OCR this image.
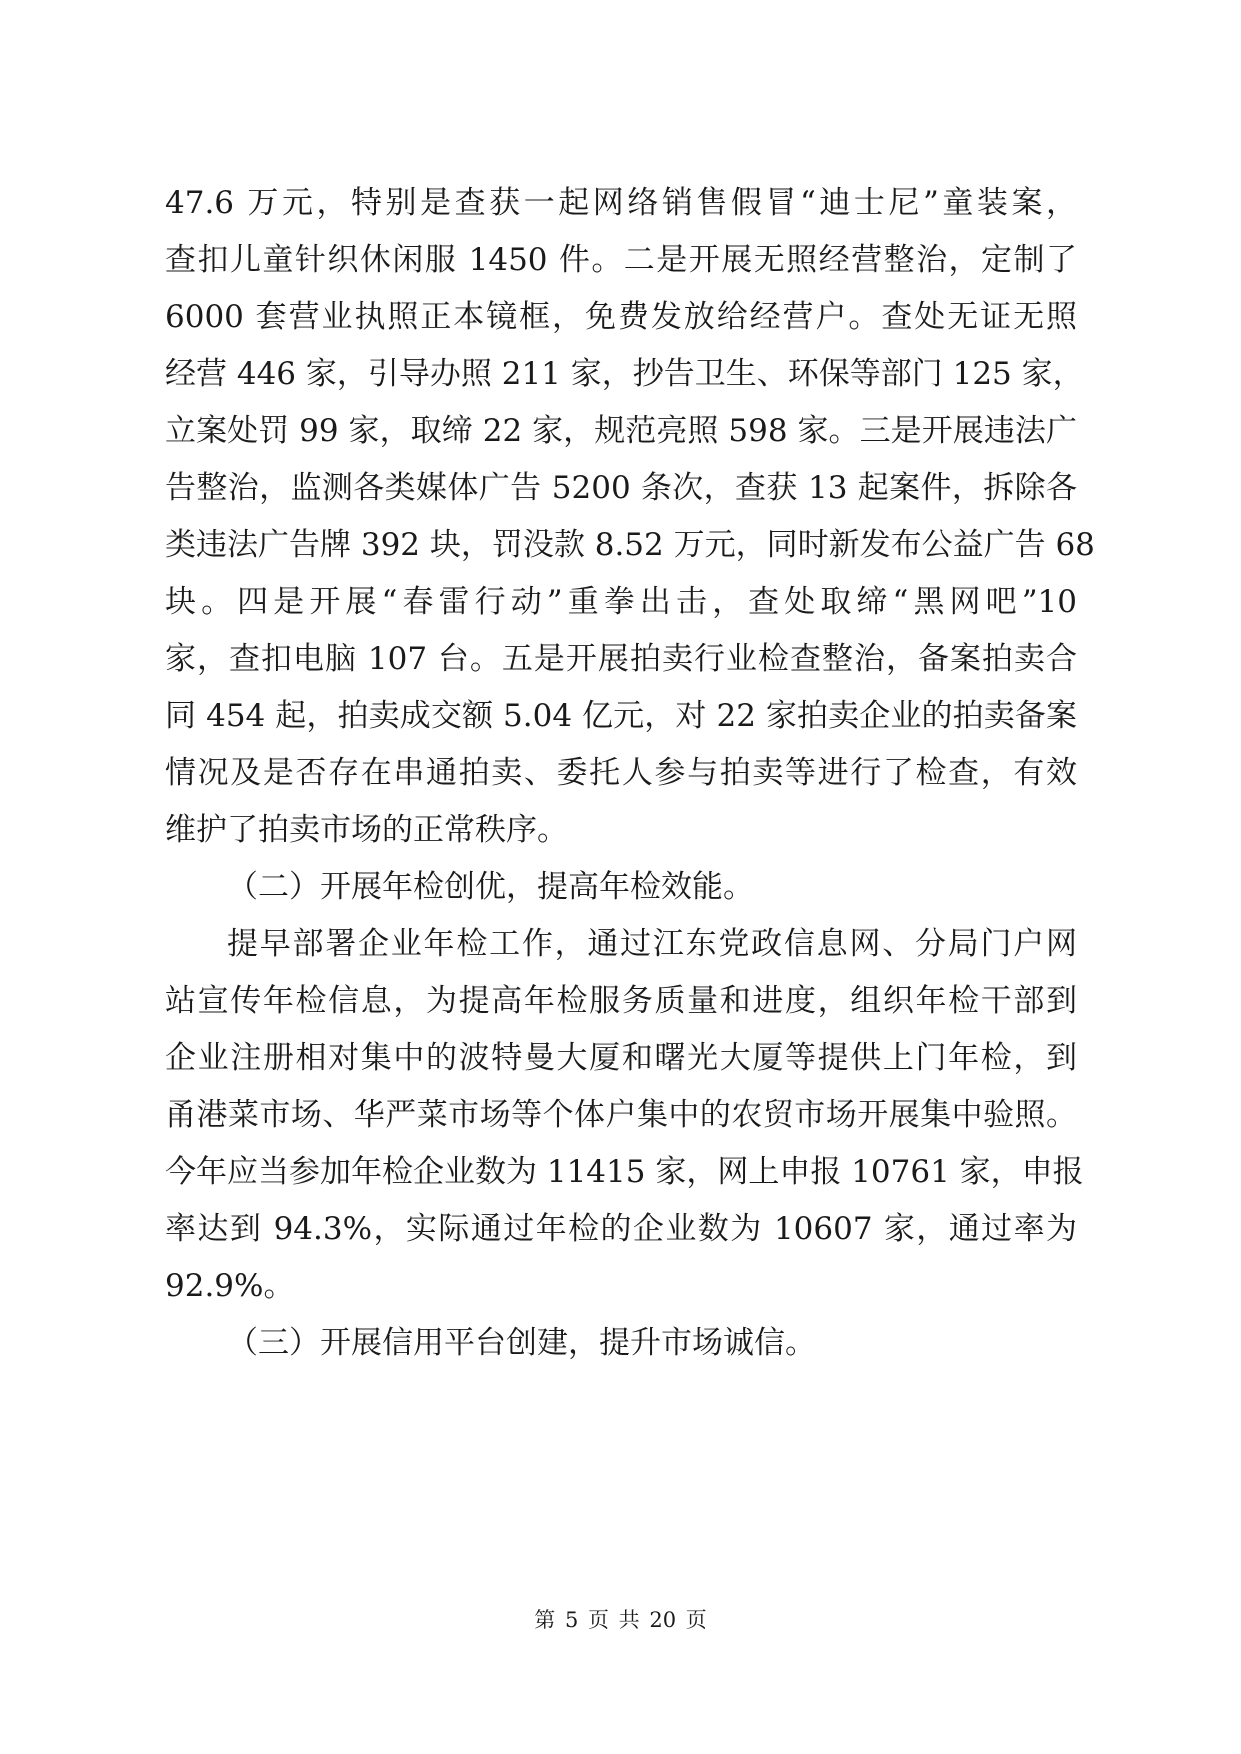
47.6 万元，特别是查获一起网络销售假冒“迪士尼”童装案，
查扣儿童针织休闲服 1450 件。二是开展无照经营整治，定制了
6000 套营业执照正本镜框，免费发放给经营户。查处无证无照
经营 446 家，引导办照 211 家，抄告卫生、环保等部门 125 家，
立案处罚 99 家，取缔 22 家，规范亮照 598 家。三是开展违法广
告整治，监测各类媒体广告 5200 条次，查获 13 起案件，拆除各
类违法广告牌 392 块，罚没款 8.52 万元，同时新发布公益广告 68
块。四是开展“春雷行动”重拳出击，查处取缔“黑网吧”10
家，查扣电脑 107 台。五是开展拍卖行业检查整治，备案拍卖合
同 454 起，拍卖成交额 5.04 亿元，对 22 家拍卖企业的拍卖备案
情况及是否存在串通拍卖、委托人参与拍卖等进行了检查，有效
维护了拍卖市场的正常秩序。
（二）开展年检创优，提高年检效能。
提早部署企业年检工作，通过江东党政信息网、分局门户网
站宣传年检信息，为提高年检服务质量和进度，组织年检干部到
企业注册相对集中的波特曼大厦和曙光大厦等提供上门年检，到
甬港菜市场、华严菜市场等个体户集中的农贸市场开展集中验照。
今年应当参加年检企业数为 11415 家，网上申报 10761 家，申报
率达到 94.3%，实际通过年检的企业数为 10607 家，通过率为
92.9%。
（三）开展信用平台创建，提升市场诚信。
第 5 页 共 20 页
